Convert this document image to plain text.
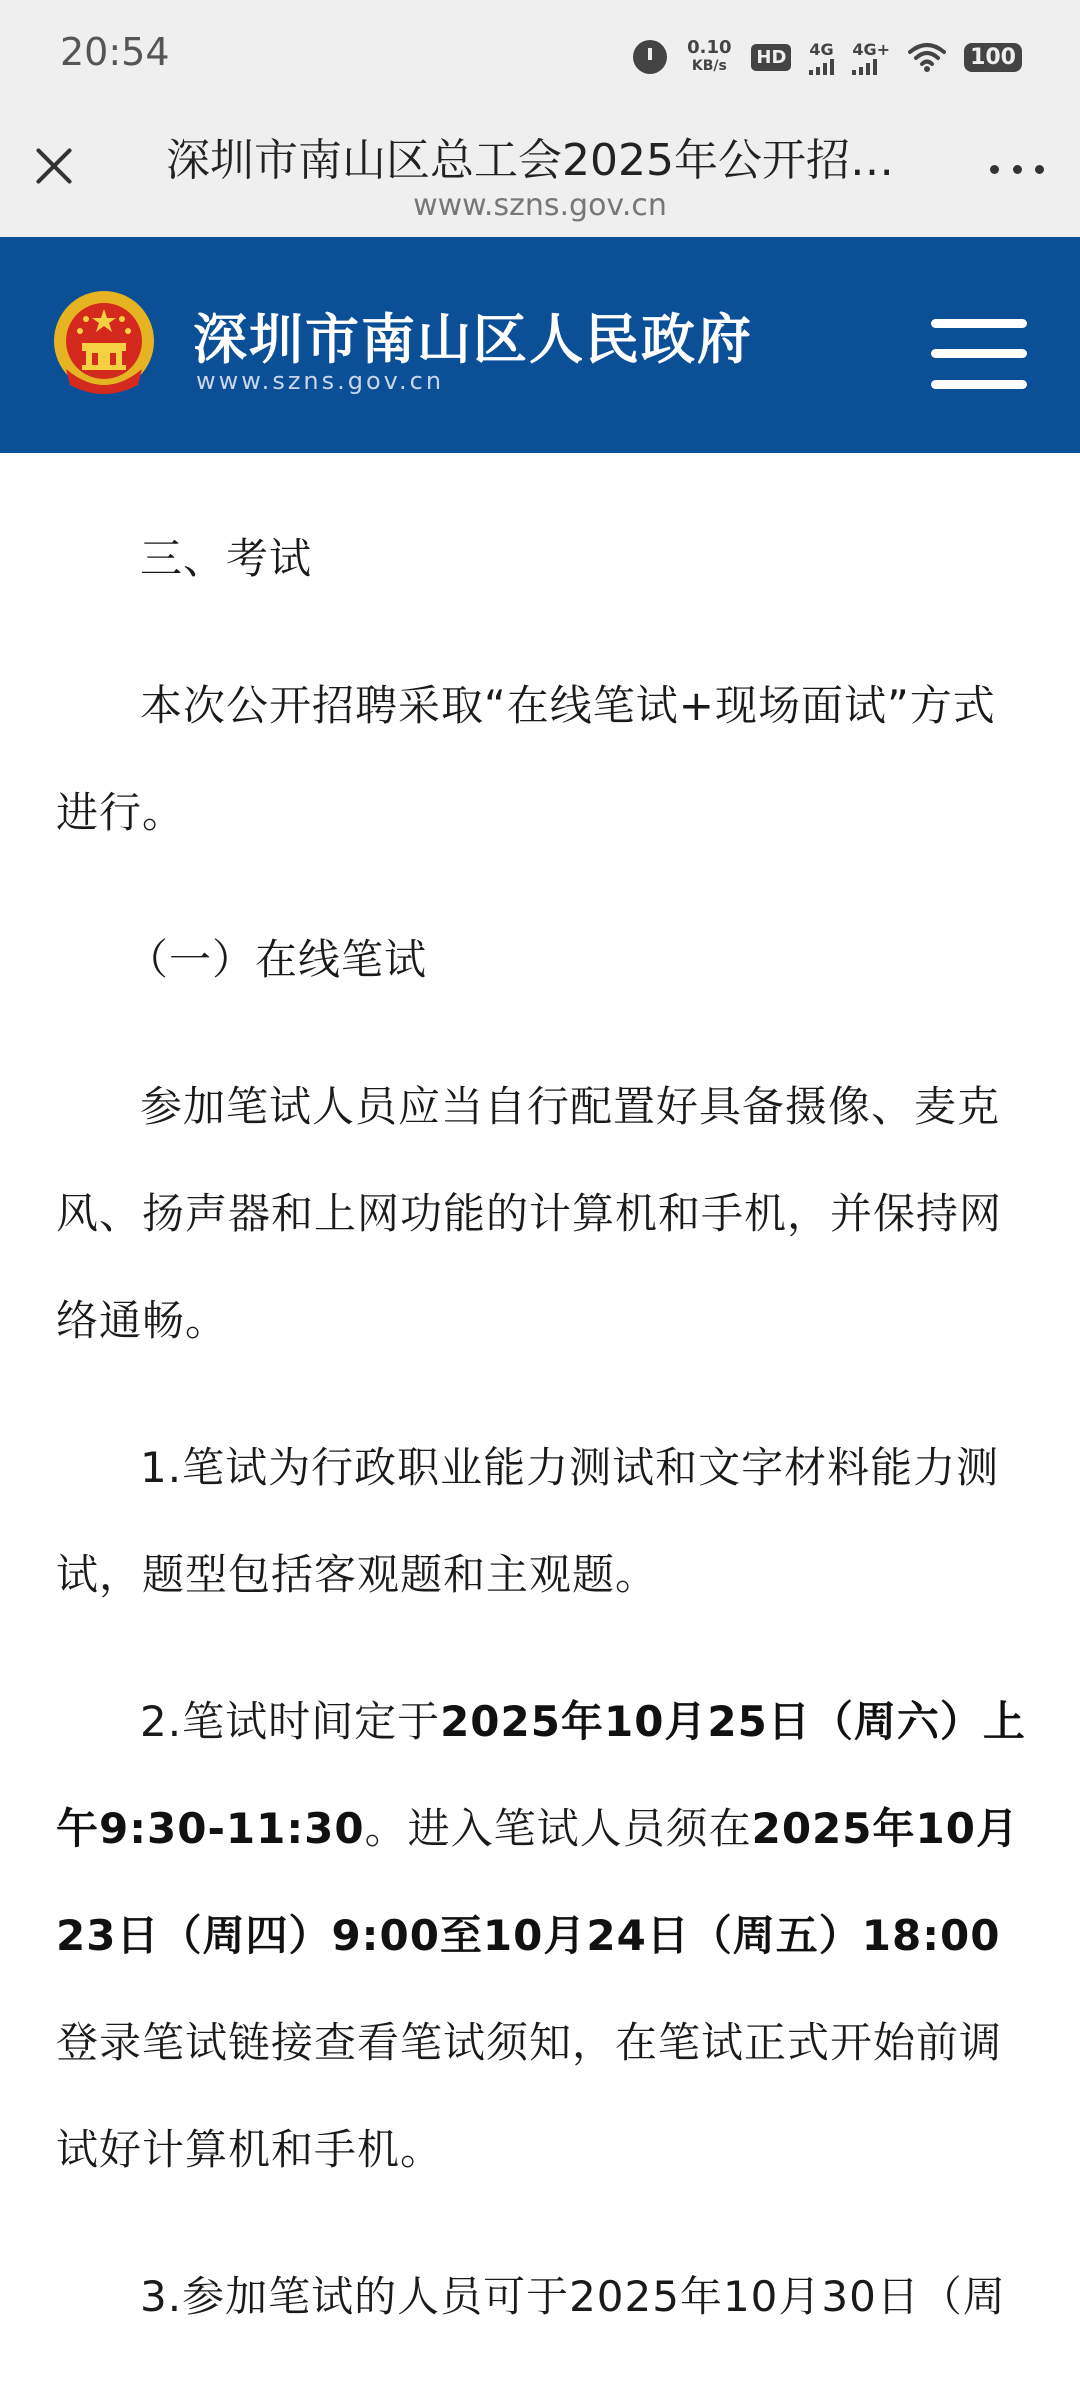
20:54	0.10
KB/s	HD	4G 4G+	100
深圳市南山区总工会2025年公开招…
www.szns.gov.cn
深圳市南山区人民政府
www.szns.gov.cn

三、考试

本次公开招聘采取“在线笔试+现场面试”方式进行。

（一）在线笔试

参加笔试人员应当自行配置好具备摄像、麦克风、扬声器和上网功能的计算机和手机，并保持网络通畅。

1.笔试为行政职业能力测试和文字材料能力测试，题型包括客观题和主观题。

2.笔试时间定于2025年10月25日（周六）上午9:30-11:30。进入笔试人员须在2025年10月23日（周四）9:00至10月24日（周五）18:00登录笔试链接查看笔试须知，在笔试正式开始前调试好计算机和手机。

3.参加笔试的人员可于2025年10月30日（周
